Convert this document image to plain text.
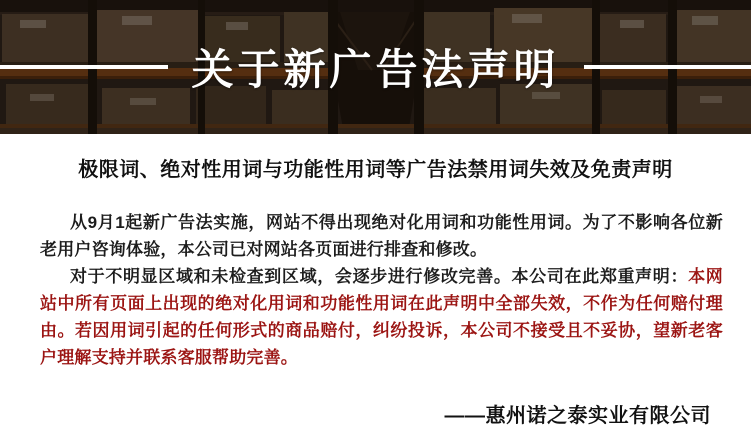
关于新广告法声明
极限词、绝对性用词与功能性用词等广告法禁用词失效及免责声明

从9月1起新广告法实施，网站不得出现绝对化用词和功能性用词。为了不影响各位新老用户咨询体验，本公司已对网站各页面进行排查和修改。

对于不明显区域和未检查到区域，会逐步进行修改完善。本公司在此郑重声明：本网站中所有页面上出现的绝对化用词和功能性用词在此声明中全部失效，不作为任何赔付理由。若因用词引起的任何形式的商品赔付，纠纷投诉，本公司不接受且不妥协，望新老客户理解支持并联系客服帮助完善。

——惠州诺之泰实业有限公司
